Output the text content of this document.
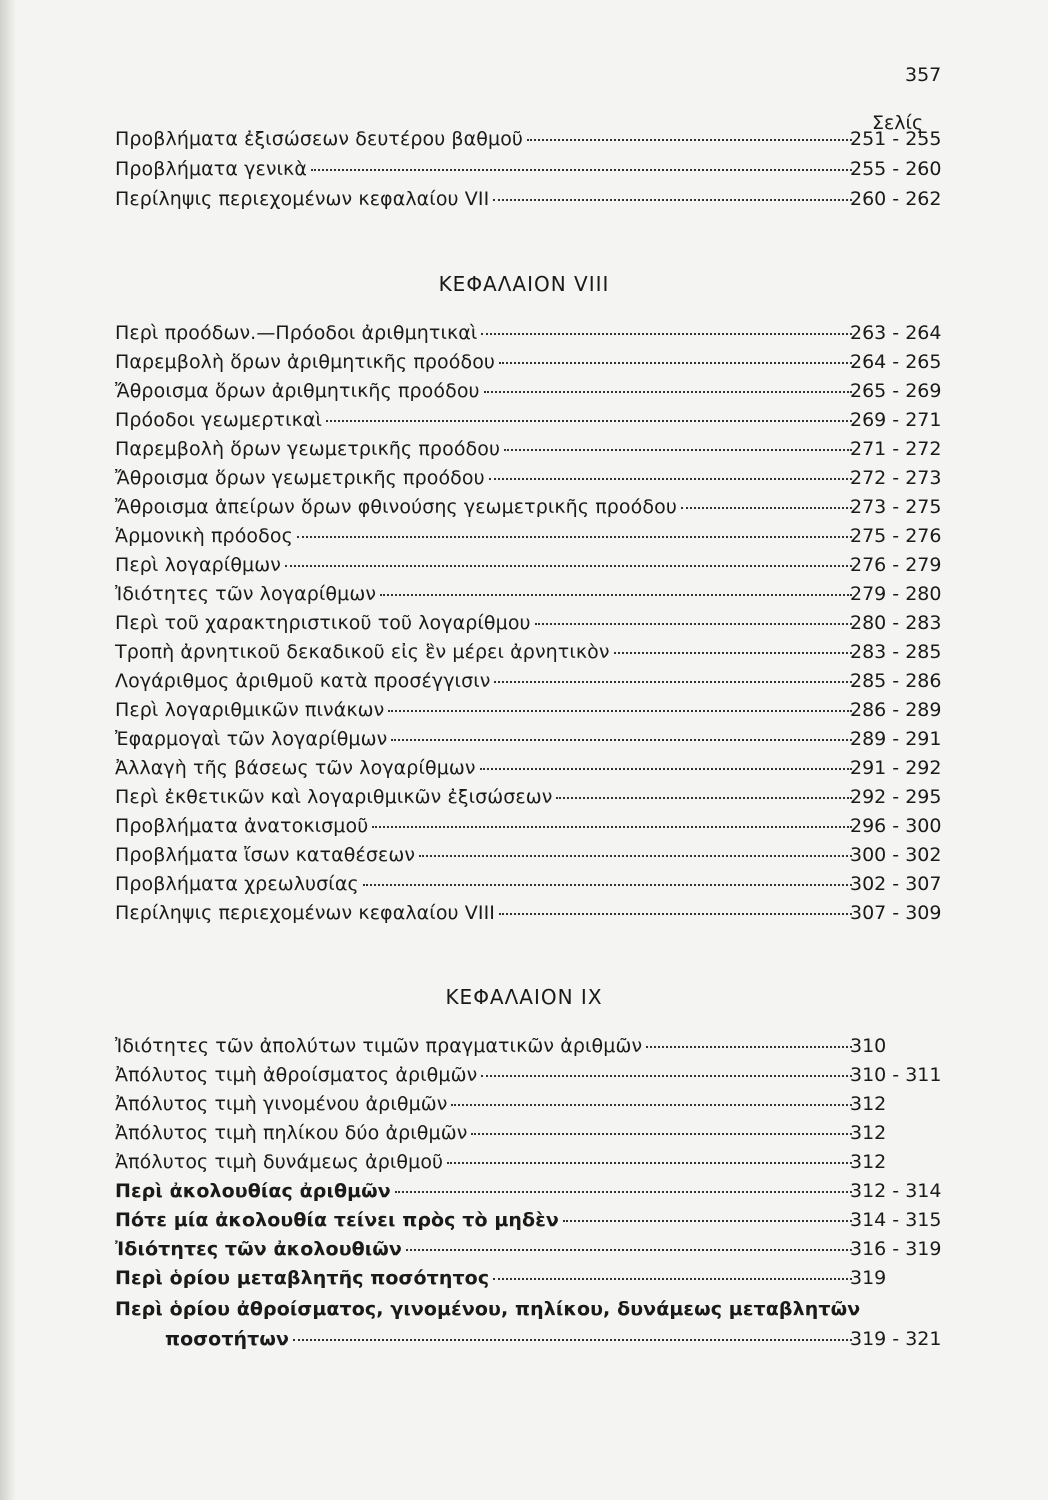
357
Σελίς
Προβλήματα ἐξισώσεων δευτέρου βαθμοῦ	251 - 255
Προβλήματα γενικὰ	255 - 260
Περίληψις περιεχομένων κεφαλαίου VII	260 - 262
ΚΕΦΑΛΑΙΟΝ VIII
Περὶ προόδων.—Πρόοδοι ἀριθμητικαὶ	263 - 264
Παρεμβολὴ ὅρων ἀριθμητικῆς προόδου	264 - 265
Ἄθροισμα ὅρων ἀριθμητικῆς προόδου	265 - 269
Πρόοδοι γεωμερτικαὶ	269 - 271
Παρεμβολὴ ὅρων γεωμετρικῆς προόδου	271 - 272
Ἄθροισμα ὅρων γεωμετρικῆς προόδου	272 - 273
Ἄθροισμα ἀπείρων ὅρων φθινούσης γεωμετρικῆς προόδου	273 - 275
Ἁρμονικὴ πρόοδος	275 - 276
Περὶ λογαρίθμων	276 - 279
Ἰδιότητες τῶν λογαρίθμων	279 - 280
Περὶ τοῦ χαρακτηριστικοῦ τοῦ λογαρίθμου	280 - 283
Τροπὴ ἀρνητικοῦ δεκαδικοῦ εἰς ἓν μέρει ἀρνητικὸν	283 - 285
Λογάριθμος ἀριθμοῦ κατὰ προσέγγισιν	285 - 286
Περὶ λογαριθμικῶν πινάκων	286 - 289
Ἐφαρμογαὶ τῶν λογαρίθμων	289 - 291
Ἀλλαγὴ τῆς βάσεως τῶν λογαρίθμων	291 - 292
Περὶ ἐκθετικῶν καὶ λογαριθμικῶν ἐξισώσεων	292 - 295
Προβλήματα ἀνατοκισμοῦ	296 - 300
Προβλήματα ἴσων καταθέσεων	300 - 302
Προβλήματα χρεωλυσίας	302 - 307
Περίληψις περιεχομένων κεφαλαίου VIII	307 - 309
ΚΕΦΑΛΑΙΟΝ IX
Ἰδιότητες τῶν ἀπολύτων τιμῶν πραγματικῶν ἀριθμῶν	310
Ἀπόλυτος τιμὴ ἀθροίσματος ἀριθμῶν	310 - 311
Ἀπόλυτος τιμὴ γινομένου ἀριθμῶν	312
Ἀπόλυτος τιμὴ πηλίκου δύο ἀριθμῶν	312
Ἀπόλυτος τιμὴ δυνάμεως ἀριθμοῦ	312
Περὶ ἀκολουθίας ἀριθμῶν	312 - 314
Πότε μία ἀκολουθία τείνει πρὸς τὸ μηδὲν	314 - 315
Ἰδιότητες τῶν ἀκολουθιῶν	316 - 319
Περὶ ὁρίου μεταβλητῆς ποσότητος	319
Περὶ ὁρίου ἀθροίσματος, γινομένου, πηλίκου, δυνάμεως μεταβλητῶν
ποσοτήτων	319 - 321
